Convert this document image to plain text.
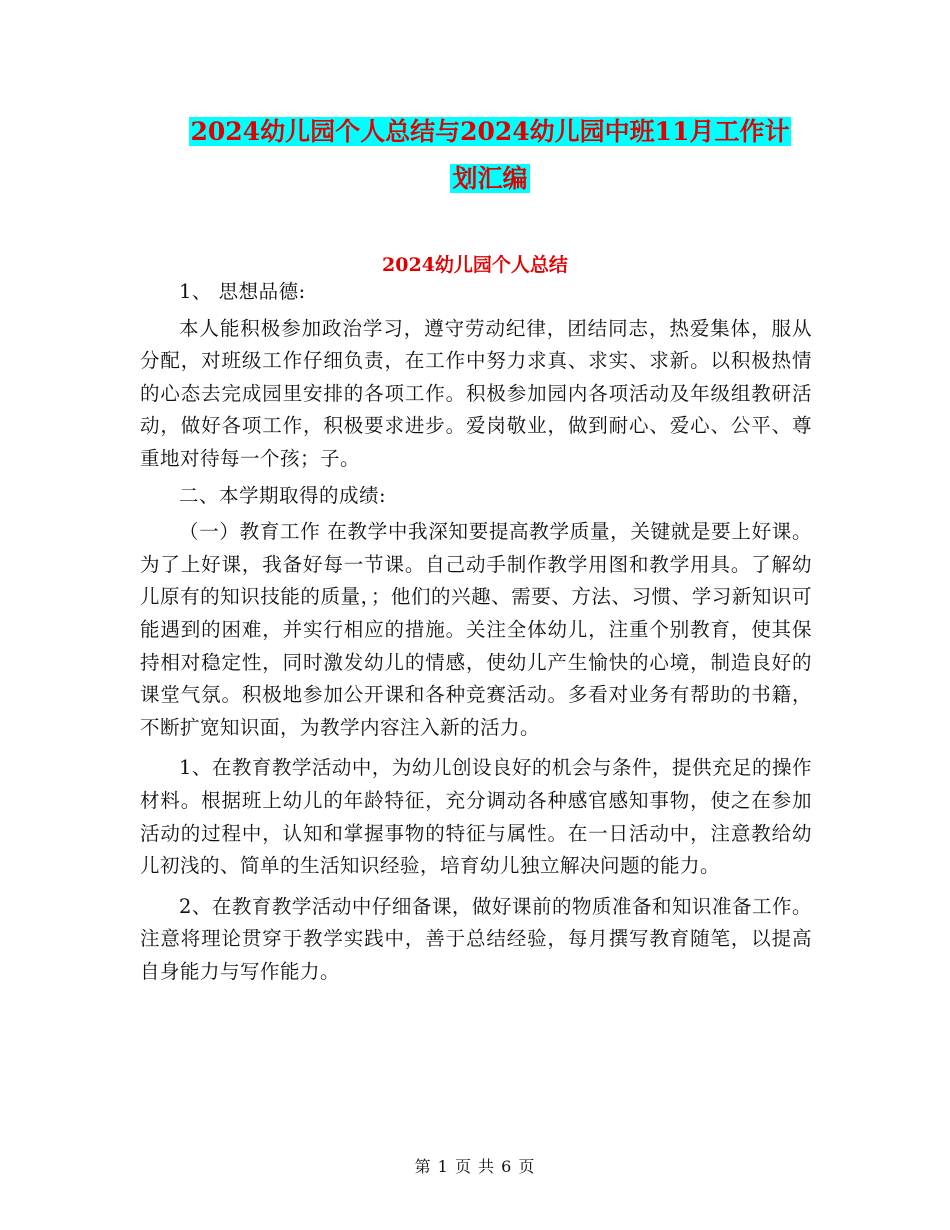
2024幼儿园个人总结与2024幼儿园中班11月工作计
划汇编
2024幼儿园个人总结

1、 思想品德:

本人能积极参加政治学习，遵守劳动纪律，团结同志，热爱集体，服从分配，对班级工作仔细负责，在工作中努力求真、求实、求新。以积极热情的心态去完成园里安排的各项工作。积极参加园内各项活动及年级组教研活动，做好各项工作，积极要求进步。爱岗敬业，做到耐心、爱心、公平、尊重地对待每一个孩；子。

二、本学期取得的成绩:

（一）教育工作 在教学中我深知要提高教学质量，关键就是要上好课。为了上好课，我备好每一节课。自己动手制作教学用图和教学用具。了解幼儿原有的知识技能的质量，；他们的兴趣、需要、方法、习惯、学习新知识可能遇到的困难，并实行相应的措施。关注全体幼儿，注重个别教育，使其保持相对稳定性，同时激发幼儿的情感，使幼儿产生愉快的心境，制造良好的课堂气氛。积极地参加公开课和各种竞赛活动。多看对业务有帮助的书籍，不断扩宽知识面，为教学内容注入新的活力。

1、在教育教学活动中，为幼儿创设良好的机会与条件，提供充足的操作材料。根据班上幼儿的年龄特征，充分调动各种感官感知事物，使之在参加活动的过程中，认知和掌握事物的特征与属性。在一日活动中，注意教给幼儿初浅的、简单的生活知识经验，培育幼儿独立解决问题的能力。

2、在教育教学活动中仔细备课，做好课前的物质准备和知识准备工作。注意将理论贯穿于教学实践中，善于总结经验，每月撰写教育随笔，以提高自身能力与写作能力。

第 1 页 共 6 页
